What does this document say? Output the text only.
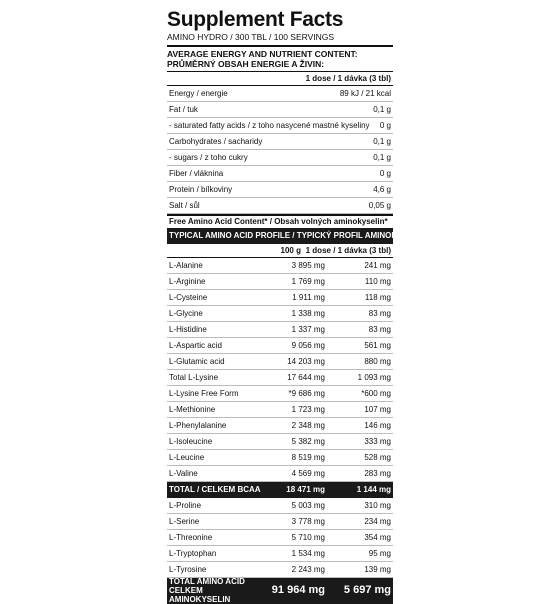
Supplement Facts
AMINO HYDRO / 300 TBL / 100 SERVINGS
AVERAGE ENERGY AND NUTRIENT CONTENT:
PRŮMĚRNÝ OBSAH ENERGIE A ŽIVIN:
1 dose / 1 dávka (3 tbl)
Energy / energie	89 kJ / 21 kcal
Fat / tuk	0,1 g
- saturated fatty acids / z toho nasycené mastné kyseliny	0 g
Carbohydrates / sacharidy	0,1 g
- sugars / z toho cukry	0,1 g
Fiber / vláknina	0 g
Protein / bílkoviny	4,6 g
Salt / sůl	0,05 g
Free Amino Acid Content* / Obsah volných aminokyselin*
TYPICAL AMINO ACID PROFILE / TYPICKÝ PROFIL AMINOKYSELIN:
100 g 1 dose / 1 dávka (3 tbl)
L-Alanine	3 895 mg	241 mg
L-Arginine	1 769 mg	110 mg
L-Cysteine	1 911 mg	118 mg
L-Glycine	1 338 mg	83 mg
L-Histidine	1 337 mg	83 mg
L-Aspartic acid	9 056 mg	561 mg
L-Glutamic acid	14 203 mg	880 mg
Total L-Lysine	17 644 mg	1 093 mg
L-Lysine Free Form	*9 686 mg	*600 mg
L-Methionine	1 723 mg	107 mg
L-Phenylalanine	2 348 mg	146 mg
L-Isoleucine	5 382 mg	333 mg
L-Leucine	8 519 mg	528 mg
L-Valine	4 569 mg	283 mg
TOTAL / CELKEM BCAA	18 471 mg	1 144 mg
L-Proline	5 003 mg	310 mg
L-Serine	3 778 mg	234 mg
L-Threonine	5 710 mg	354 mg
L-Tryptophan	1 534 mg	95 mg
L-Tyrosine	2 243 mg	139 mg
TOTAL AMINO ACID
CELKEM AMINOKYSELIN
91 964 mg	5 697 mg
